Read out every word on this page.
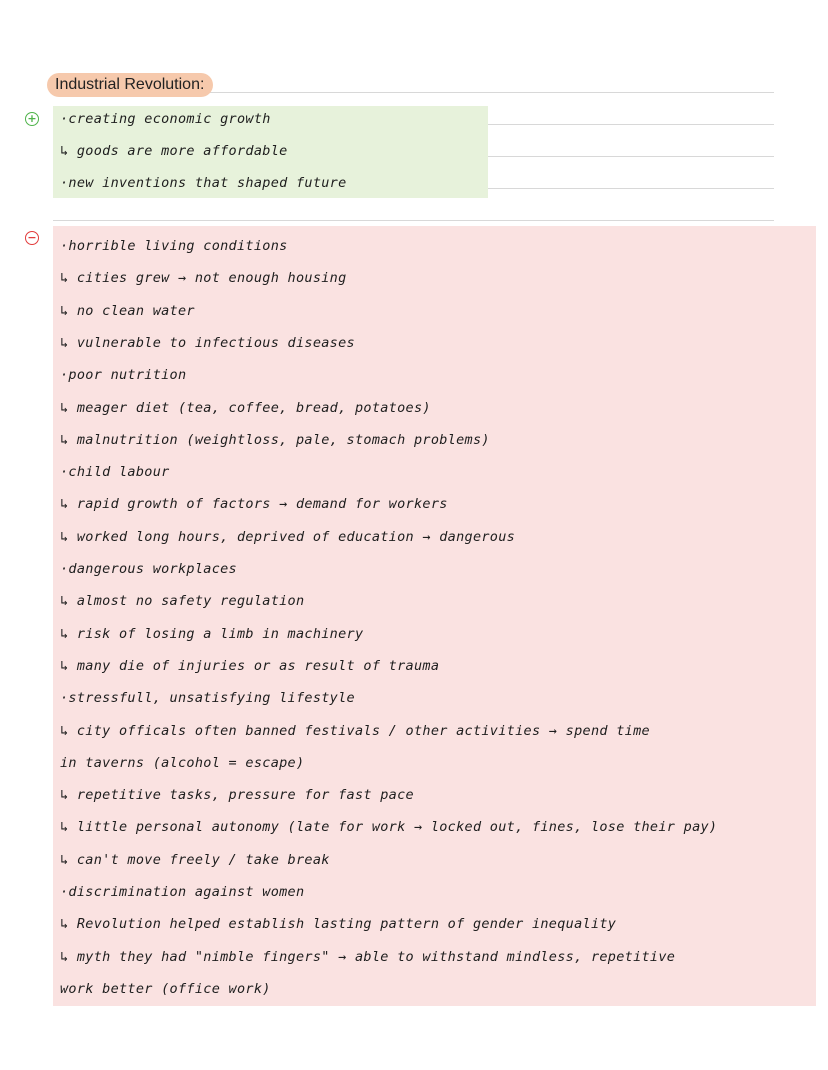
Industrial Revolution:
+ ·creating economic growth
↳ goods are more affordable
·new inventions that shaped future
−
·horrible living conditions
↳ cities grew → not enough housing
↳ no clean water
↳ vulnerable to infectious diseases
·poor nutrition
↳ meager diet (tea, coffee, bread, potatoes)
↳ malnutrition (weightloss, pale, stomach problems)
·child labour
↳ rapid growth of factors → demand for workers
↳ worked long hours, deprived of education → dangerous
·dangerous workplaces
↳ almost no safety regulation
↳ risk of losing a limb in machinery
↳ many die of injuries or as result of trauma
·stressfull, unsatisfying lifestyle
↳ city officals often banned festivals / other activities → spend time
in taverns (alcohol = escape)
↳ repetitive tasks, pressure for fast pace
↳ little personal autonomy (late for work → locked out, fines, lose their pay)
↳ can't move freely / take break
·discrimination against women
↳ Revolution helped establish lasting pattern of gender inequality
↳ myth they had "nimble fingers" → able to withstand mindless, repetitive
work better (office work)
